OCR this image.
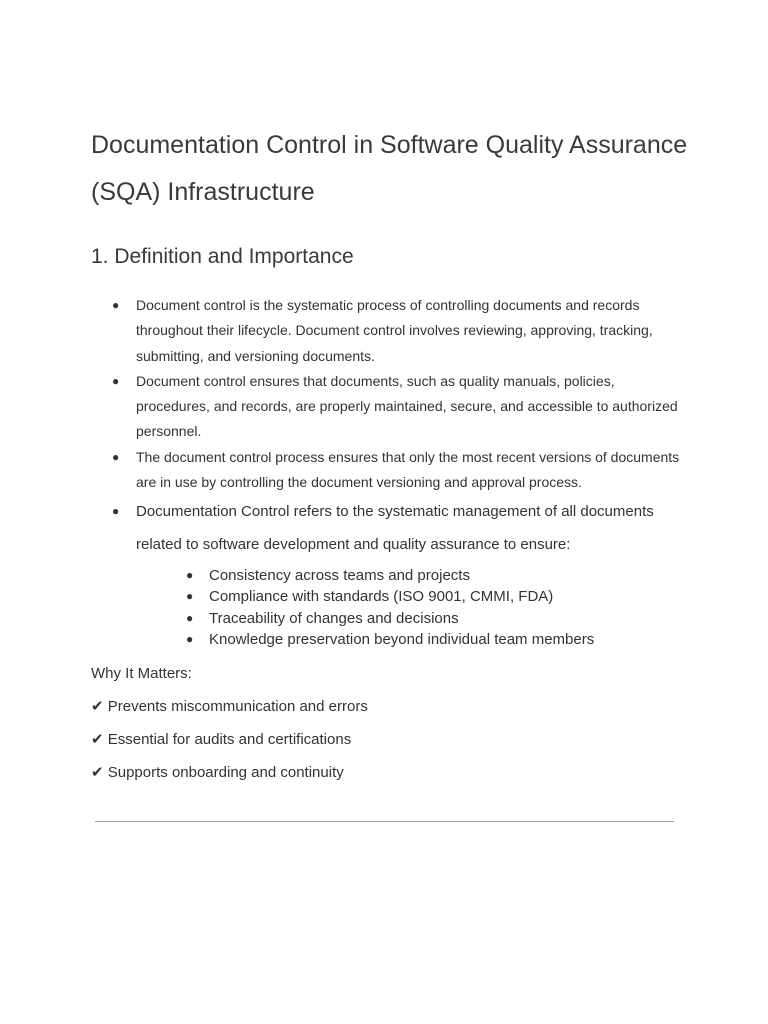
Documentation Control in Software Quality Assurance (SQA) Infrastructure
1. Definition and Importance
● Document control is the systematic process of controlling documents and records throughout their lifecycle. Document control involves reviewing, approving, tracking, submitting, and versioning documents.
● Document control ensures that documents, such as quality manuals, policies, procedures, and records, are properly maintained, secure, and accessible to authorized personnel.
● The document control process ensures that only the most recent versions of documents are in use by controlling the document versioning and approval process.
● Documentation Control refers to the systematic management of all documents related to software development and quality assurance to ensure:
● Consistency across teams and projects
● Compliance with standards (ISO 9001, CMMI, FDA)
● Traceability of changes and decisions
● Knowledge preservation beyond individual team members

Why It Matters:

✔ Prevents miscommunication and errors
✔ Essential for audits and certifications
✔ Supports onboarding and continuity
